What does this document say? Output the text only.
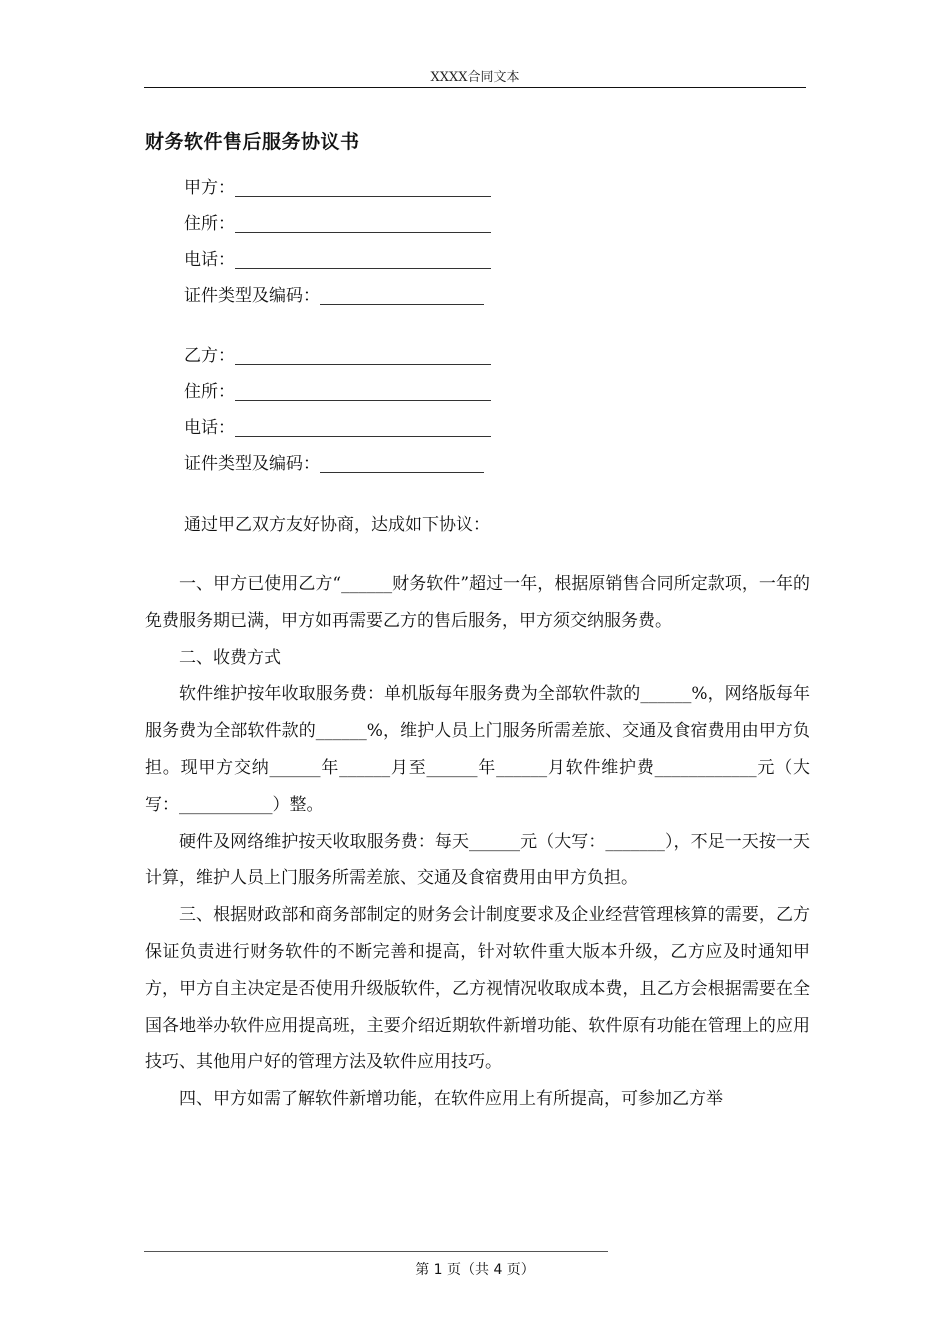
XXXX合同文本
财务软件售后服务协议书
甲方：
住所：
电话：
证件类型及编码：
乙方：
住所：
电话：
证件类型及编码：
通过甲乙双方友好协商，达成如下协议：

一、甲方已使用乙方“______财务软件”超过一年，根据原销售合同所定款项，一年的免费服务期已满，甲方如再需要乙方的售后服务，甲方须交纳服务费。

二、收费方式

软件维护按年收取服务费：单机版每年服务费为全部软件款的______%，网络版每年服务费为全部软件款的______%，维护人员上门服务所需差旅、交通及食宿费用由甲方负担。现甲方交纳______年______月至______年______月软件维护费____________元（大写：___________）整。

硬件及网络维护按天收取服务费：每天______元（大写：_______），不足一天按一天计算，维护人员上门服务所需差旅、交通及食宿费用由甲方负担。

三、根据财政部和商务部制定的财务会计制度要求及企业经营管理核算的需要，乙方保证负责进行财务软件的不断完善和提高，针对软件重大版本升级，乙方应及时通知甲方，甲方自主决定是否使用升级版软件，乙方视情况收取成本费，且乙方会根据需要在全国各地举办软件应用提高班，主要介绍近期软件新增功能、软件原有功能在管理上的应用技巧、其他用户好的管理方法及软件应用技巧。

四、甲方如需了解软件新增功能，在软件应用上有所提高，可参加乙方举

第 1 页（共 4 页）
